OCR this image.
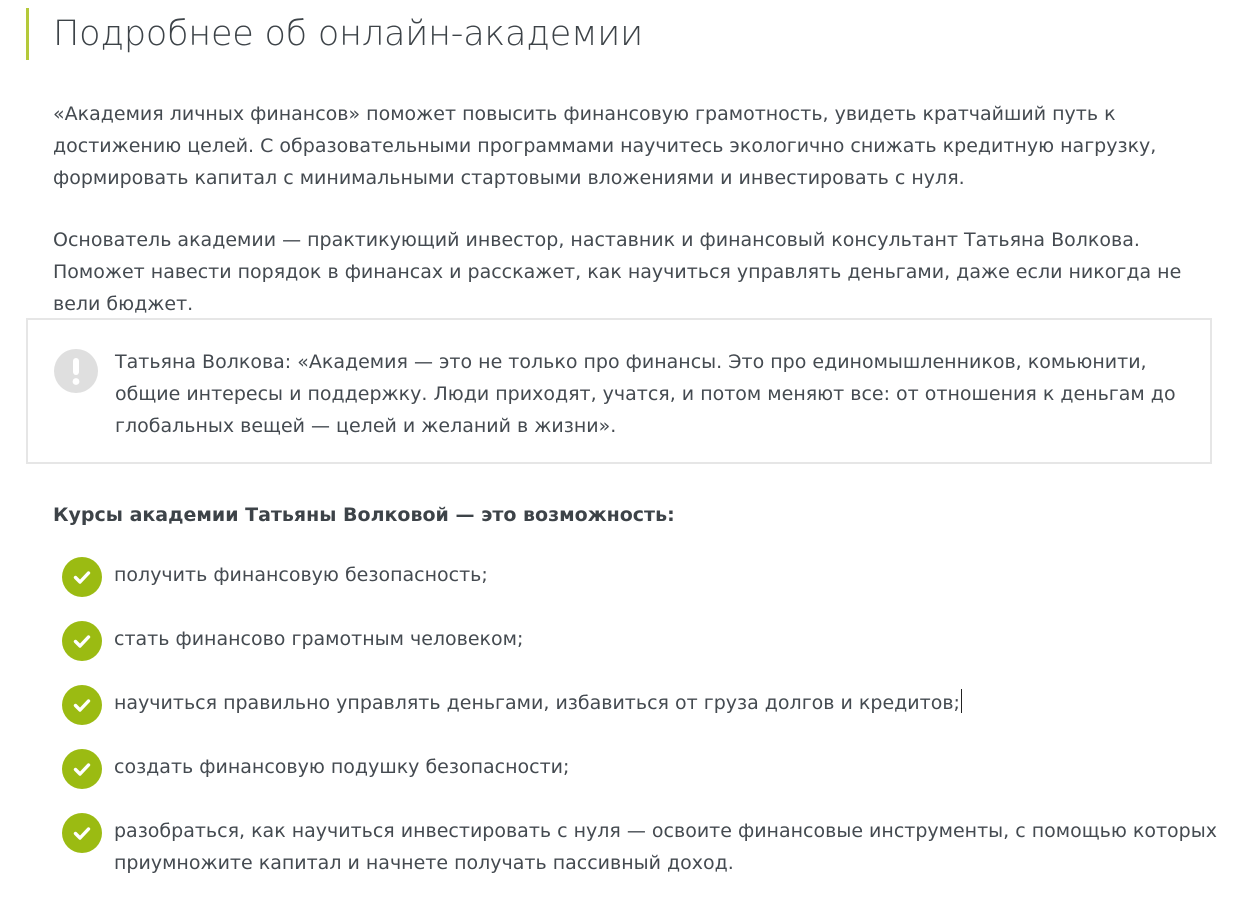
Подробнее об онлайн-академии

«Академия личных финансов» поможет повысить финансовую грамотность, увидеть кратчайший путь к достижению целей. С образовательными программами научитесь экологично снижать кредитную нагрузку, формировать капитал с минимальными стартовыми вложениями и инвестировать с нуля.

Основатель академии — практикующий инвестор, наставник и финансовый консультант Татьяна Волкова. Поможет навести порядок в финансах и расскажет, как научиться управлять деньгами, даже если никогда не вели бюджет.

Татьяна Волкова: «Академия — это не только про финансы. Это про единомышленников, комьюнити, общие интересы и поддержку. Люди приходят, учатся, и потом меняют все: от отношения к деньгам до глобальных вещей — целей и желаний в жизни».

Курсы академии Татьяны Волковой — это возможность:
получить финансовую безопасность;
стать финансово грамотным человеком;
научиться правильно управлять деньгами, избавиться от груза долгов и кредитов;
создать финансовую подушку безопасности;
разобраться, как научиться инвестировать с нуля — освоите финансовые инструменты, с помощью которых приумножите капитал и начнете получать пассивный доход.
